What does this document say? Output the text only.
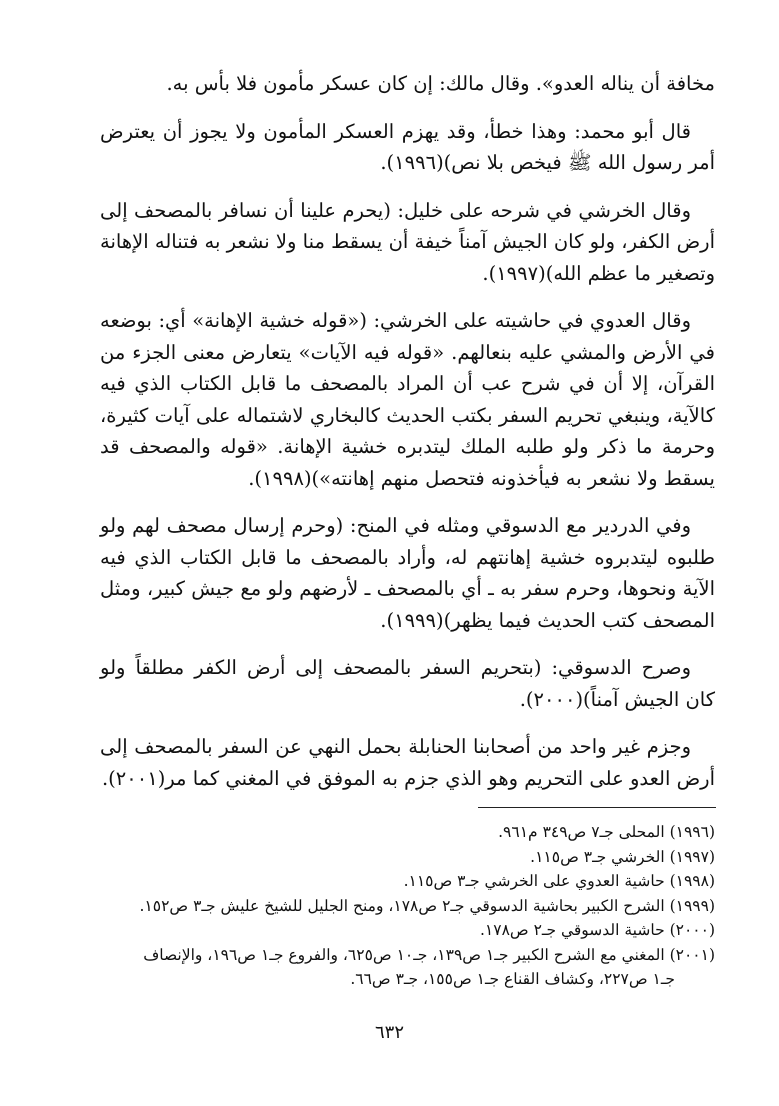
مخافة أن يناله العدو». وقال مالك: إن كان عسكر مأمون فلا بأس به.

قال أبو محمد: وهذا خطأ، وقد يهزم العسكر المأمون ولا يجوز أن يعترض أمر رسول الله ﷺ فيخص بلا نص)(١٩٩٦).

وقال الخرشي في شرحه على خليل: (يحرم علينا أن نسافر بالمصحف إلى أرض الكفر، ولو كان الجيش آمناً خيفة أن يسقط منا ولا نشعر به فتناله الإهانة وتصغير ما عظم الله)(١٩٩٧).

وقال العدوي في حاشيته على الخرشي: («قوله خشية الإهانة» أي: بوضعه في الأرض والمشي عليه بنعالهم. «قوله فيه الآيات» يتعارض معنى الجزء من القرآن، إلا أن في شرح عب أن المراد بالمصحف ما قابل الكتاب الذي فيه كالآية، وينبغي تحريم السفر بكتب الحديث كالبخاري لاشتماله على آيات كثيرة، وحرمة ما ذكر ولو طلبه الملك ليتدبره خشية الإهانة. «قوله والمصحف قد يسقط ولا نشعر به فيأخذونه فتحصل منهم إهانته»)(١٩٩٨).

وفي الدردير مع الدسوقي ومثله في المنح: (وحرم إرسال مصحف لهم ولو طلبوه ليتدبروه خشية إهانتهم له، وأراد بالمصحف ما قابل الكتاب الذي فيه الآية ونحوها، وحرم سفر به ـ أي بالمصحف ـ لأرضهم ولو مع جيش كبير، ومثل المصحف كتب الحديث فيما يظهر)(١٩٩٩).

وصرح الدسوقي: (بتحريم السفر بالمصحف إلى أرض الكفر مطلقاً ولو كان الجيش آمناً)(٢٠٠٠).

وجزم غير واحد من أصحابنا الحنابلة بحمل النهي عن السفر بالمصحف إلى أرض العدو على التحريم وهو الذي جزم به الموفق في المغني كما مر(٢٠٠١).

(١٩٩٦) المحلى جـ٧ ص٣٤٩ م٩٦١.

(١٩٩٧) الخرشي جـ٣ ص١١٥.

(١٩٩٨) حاشية العدوي على الخرشي جـ٣ ص١١٥.

(١٩٩٩) الشرح الكبير بحاشية الدسوقي جـ٢ ص١٧٨، ومنح الجليل للشيخ عليش جـ٣ ص١٥٢.

(٢٠٠٠) حاشية الدسوقي جـ٢ ص١٧٨.

(٢٠٠١) المغني مع الشرح الكبير جـ١ ص١٣٩، جـ١٠ ص٦٢٥، والفروع جـ١ ص١٩٦، والإنصاف
جـ١ ص٢٢٧، وكشاف القناع جـ١ ص١٥٥، جـ٣ ص٦٦.

٦٣٢
